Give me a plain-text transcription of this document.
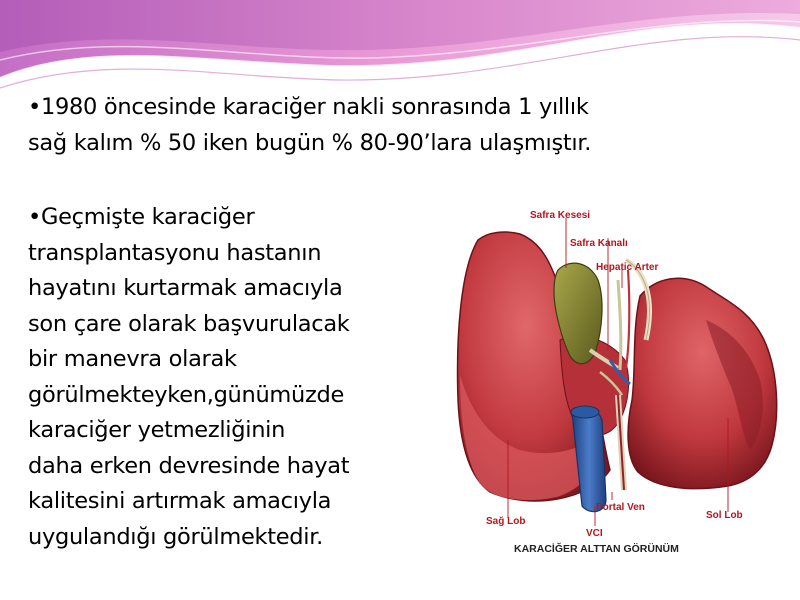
•1980 öncesinde karaciğer nakli sonrasında 1 yıllık
sağ kalım % 50 iken bugün % 80-90’lara ulaşmıştır.
•Geçmişte karaciğer
transplantasyonu hastanın
hayatını kurtarmak amacıyla
son çare olarak başvurulacak
bir manevra olarak
görülmekteyken,günümüzde
karaciğer yetmezliğinin
daha erken devresinde hayat
kalitesini artırmak amacıyla
uygulandığı görülmektedir.
Safra Kesesi
Safra Kanalı
Hepatic Arter
Portal Ven
Sağ Lob
Sol Lob
VCI
KARACİĞER ALTTAN GÖRÜNÜM
